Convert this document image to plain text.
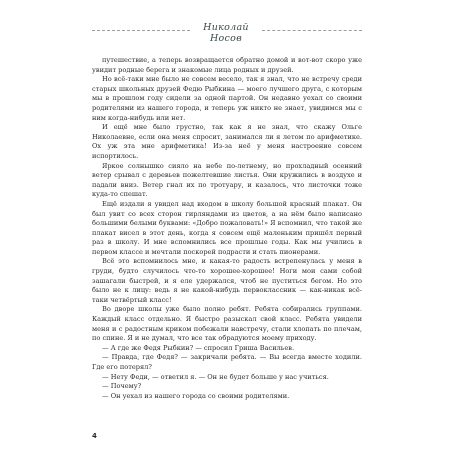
Николай Носов

путешествие, а теперь возвращается обратно домой и вот-вот скоро уже увидит родные берега и знакомые лица родных и друзей.

Но всё-таки мне было не совсем весело, так я знал, что не встречу среди старых школьных друзей Федю Рыбкина — моего лучшего друга, с которым мы в прошлом году сидели за одной партой. Он недавно уехал со своими родителями из нашего города, и теперь уж никто не знает, увидимся мы с ним когда-нибудь или нет.

И ещё мне было грустно, так как я не знал, что скажу Ольге Николаевне, если она меня спросит, занимался ли я летом по арифметике. Ох уж эта мне арифметика! Из-за неё у меня настроение совсем испортилось.

Яркое солнышко сияло на небе по-летнему, но прохладный осенний ветер срывал с деревьев пожелтевшие листья. Они кружились в воздухе и падали вниз. Ветер гнал их по тротуару, и казалось, что листочки тоже куда-то спешат.

Ещё издали я увидел над входом в школу большой красный плакат. Он был увит со всех сторон гирляндами из цветов, а на нём было написано большими белыми буквами: «Добро пожаловать!» Я вспомнил, что такой же плакат висел в этот день, когда я совсем ещё маленьким пришёл первый раз в школу. И мне вспомнились все прошлые годы. Как мы учились в первом классе и мечтали поскорей подрасти и стать пионерами.

Всё это вспомнилось мне, и какая-то радость встрепенулась у меня в груди, будто случилось что-то хорошее-хорошее! Ноги мои сами собой зашагали быстрей, и я еле удержался, чтоб не пуститься бегом. Но это было не к лицу: ведь я не какой-нибудь первоклассник — как-никак всё-таки четвёртый класс!

Во дворе школы уже было полно ребят. Ребята собирались группами. Каждый класс отдельно. Я быстро разыскал свой класс. Ребята увидели меня и с радостным криком побежали навстречу, стали хлопать по плечам, по спине. Я и не думал, что все так обрадуются моему приходу.

— А где же Федя Рыбкин? — спросил Гриша Васильев.

— Правда, где Федя? — закричали ребята. — Вы всегда вместе ходили. Где его потерял?

— Нету Феди, — ответил я. — Он не будет больше у нас учиться.

— Почему?

— Он уехал из нашего города со своими родителями.

4
